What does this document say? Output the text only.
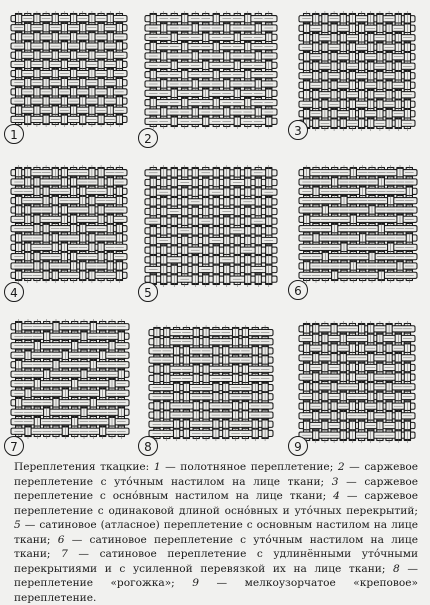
1	2
3
4	5	6
7	8	9
Переплетения ткацкие: 1 — полотняное переплетение; 2 — саржевое переплетение с уто́чным настилом на лице ткани; 3 — саржевое переплетение с осно́вным настилом на лице ткани; 4 — саржевое переплетение с одинаковой длиной осно́вных и уто́чных перекрытий; 5 — сатиновое (атласное) переплетение с основным настилом на лице ткани; 6 — сатиновое переплетение с уто́чным настилом на лице ткани; 7 — сатиновое переплетение с удлинёнными уто́чными перекрытиями и с усиленной перевязкой их на лице ткани; 8 — переплетение «рогожка»; 9 — мелкоузорчатое «креповое» переплетение.
